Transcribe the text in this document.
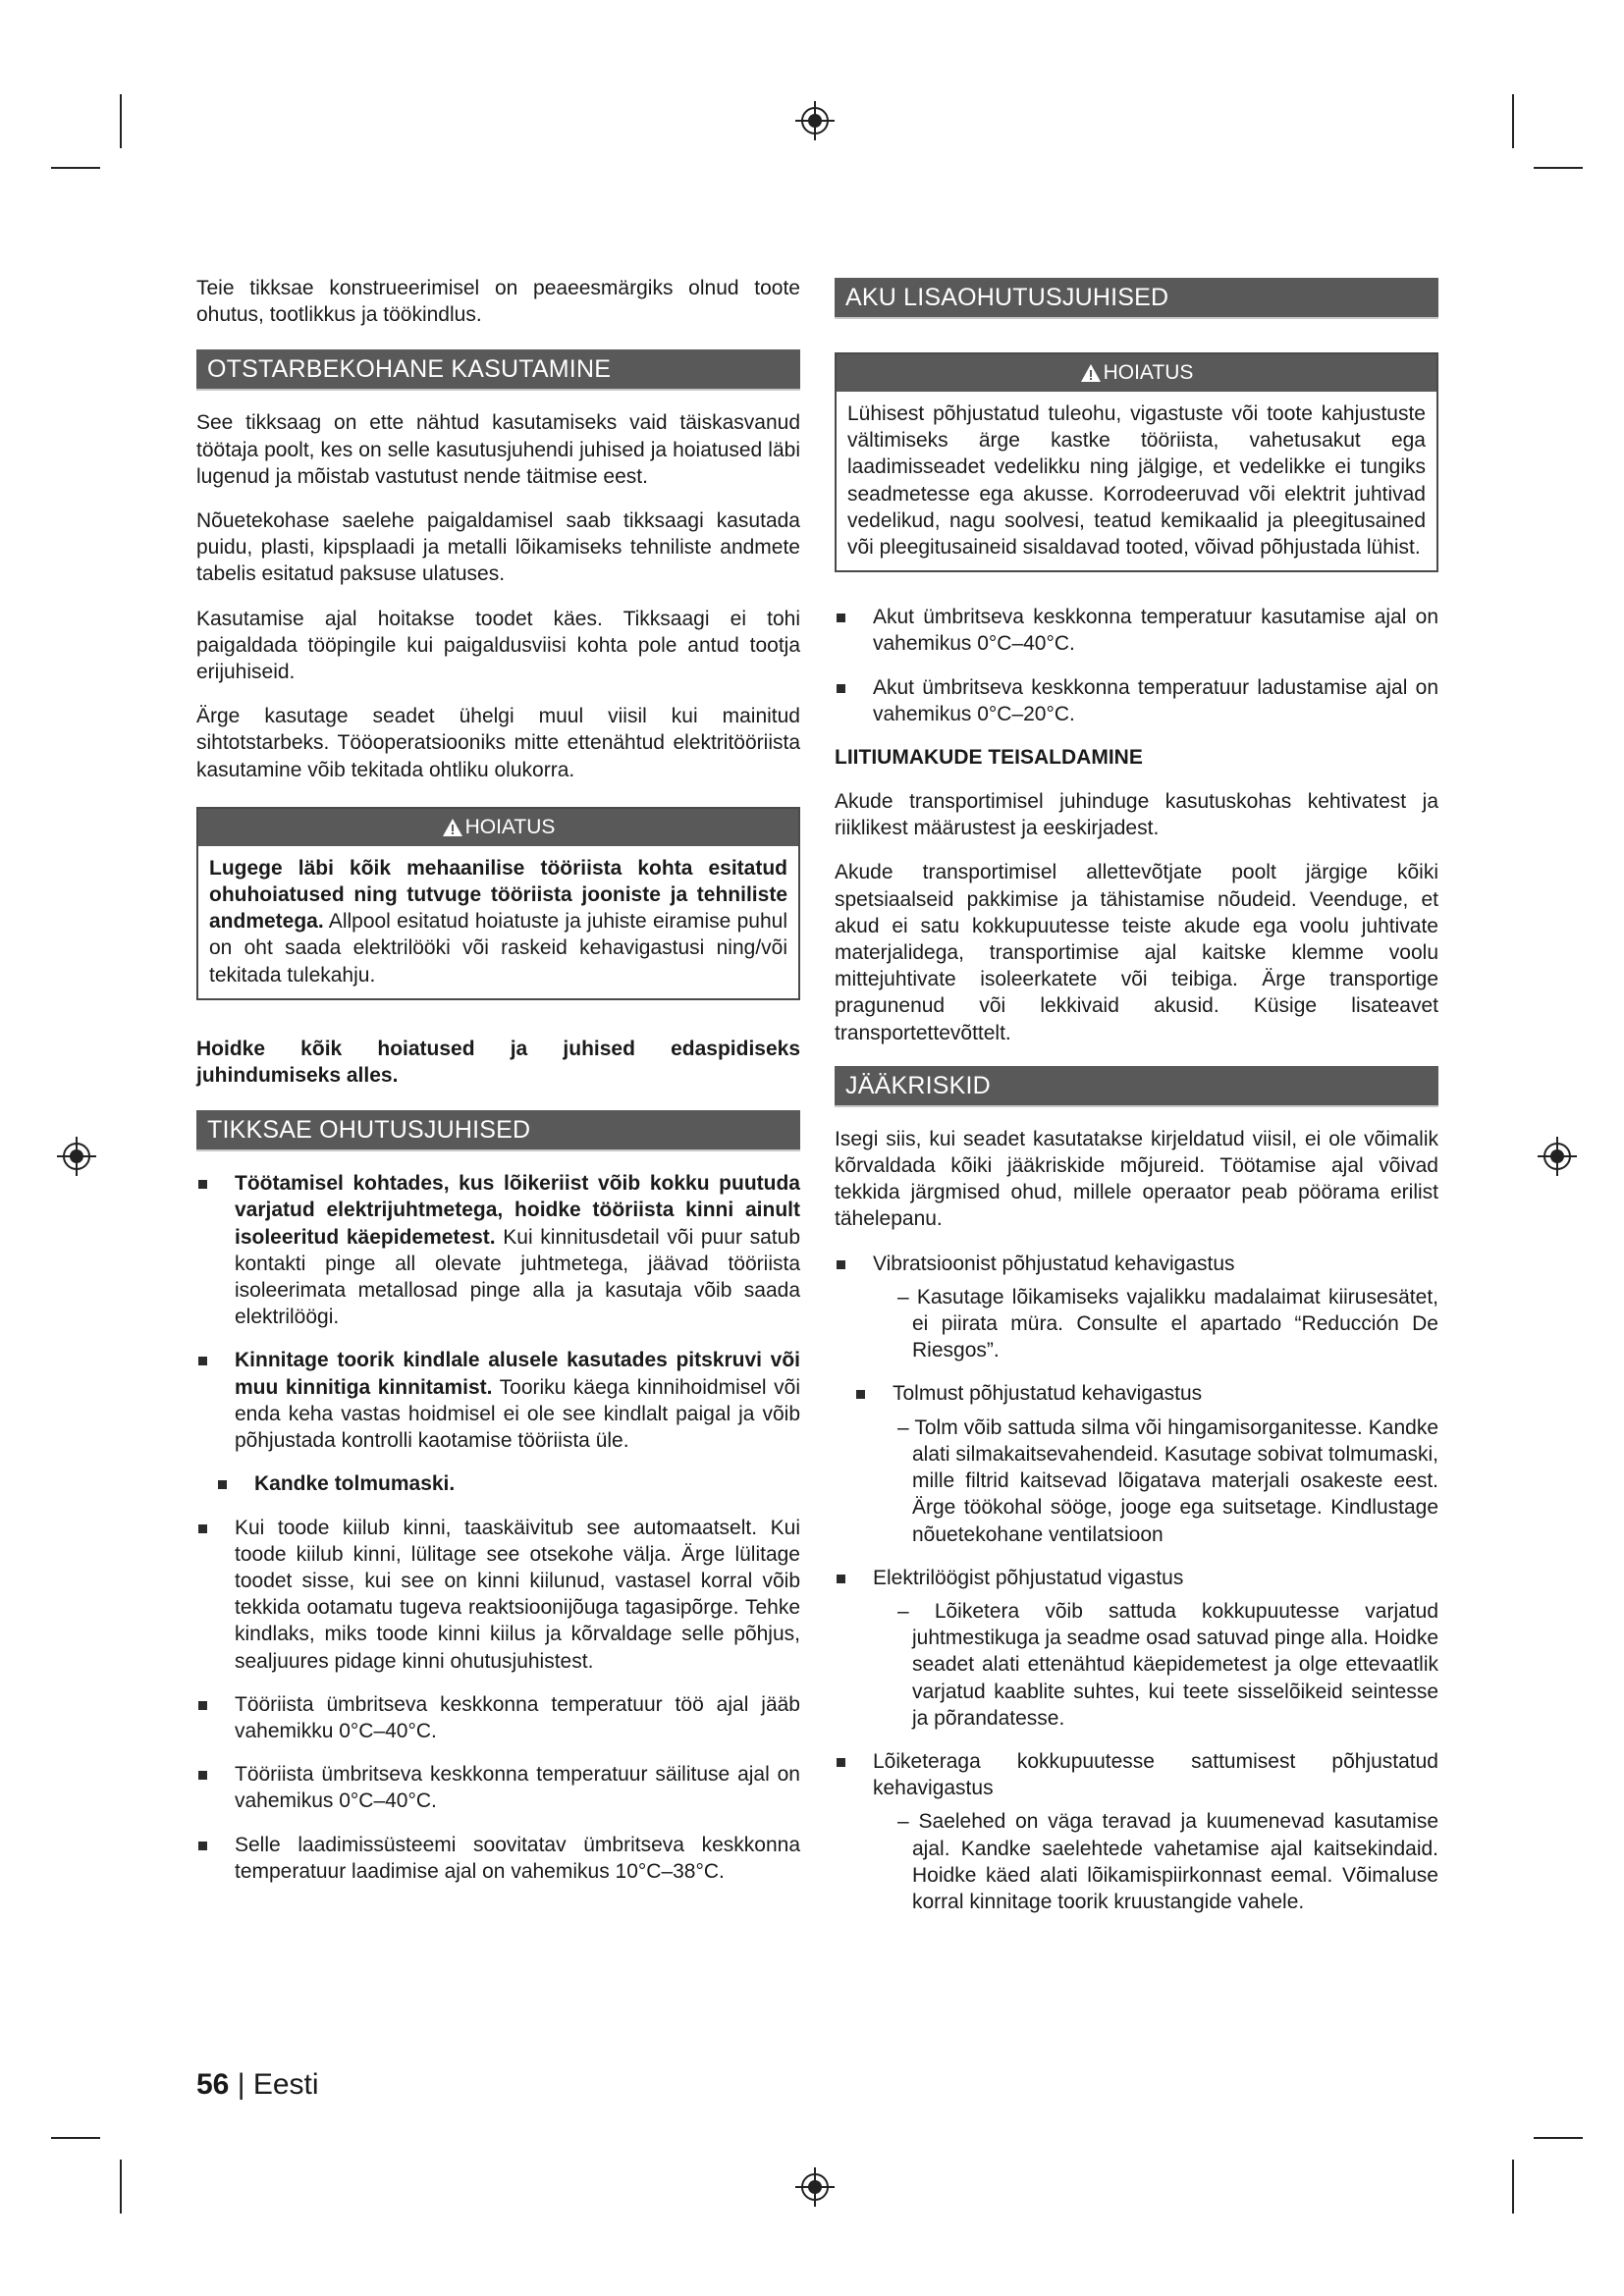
Teie tikksae konstrueerimisel on peaeesmärgiks olnud toote ohutus, tootlikkus ja töökindlus.

OTSTARBEKOHANE KASUTAMINE

See tikksaag on ette nähtud kasutamiseks vaid täiskasvanud töötaja poolt, kes on selle kasutusjuhendi juhised ja hoiatused läbi lugenud ja mõistab vastutust nende täitmise eest.

Nõuetekohase saelehe paigaldamisel saab tikksaagi kasutada puidu, plasti, kipsplaadi ja metalli lõikamiseks tehniliste andmete tabelis esitatud paksuse ulatuses.

Kasutamise ajal hoitakse toodet käes. Tikksaagi ei tohi paigaldada tööpingile kui paigaldusviisi kohta pole antud tootja erijuhiseid.

Ärge kasutage seadet ühelgi muul viisil kui mainitud sihtotstarbeks. Tööoperatsiooniks mitte ettenähtud elektritööriista kasutamine võib tekitada ohtliku olukorra.

HOIATUS
Lugege läbi kõik mehaanilise tööriista kohta esitatud ohuhoiatused ning tutvuge tööriista jooniste ja tehniliste andmetega. Allpool esitatud hoiatuste ja juhiste eiramise puhul on oht saada elektrilööki või raskeid kehavigastusi ning/või tekitada tulekahju.

Hoidke kõik hoiatused ja juhised edaspidiseks juhindumiseks alles.

TIKKSAE OHUTUSJUHISED
Töötamisel kohtades, kus lõikeriist võib kokku puutuda varjatud elektrijuhtmetega, hoidke tööriista kinni ainult isoleeritud käepidemetest. Kui kinnitusdetail või puur satub kontakti pinge all olevate juhtmetega, jäävad tööriista isoleerimata metallosad pinge alla ja kasutaja võib saada elektrilöögi.
Kinnitage toorik kindlale alusele kasutades pitskruvi või muu kinnitiga kinnitamist. Tooriku käega kinnihoidmisel või enda keha vastas hoidmisel ei ole see kindlalt paigal ja võib põhjustada kontrolli kaotamise tööriista üle.
Kandke tolmumaski.
Kui toode kiilub kinni, taaskäivitub see automaatselt. Kui toode kiilub kinni, lülitage see otsekohe välja. Ärge lülitage toodet sisse, kui see on kinni kiilunud, vastasel korral võib tekkida ootamatu tugeva reaktsioonijõuga tagasipõrge. Tehke kindlaks, miks toode kinni kiilus ja kõrvaldage selle põhjus, sealjuures pidage kinni ohutusjuhistest.
Tööriista ümbritseva keskkonna temperatuur töö ajal jääb vahemikku 0°C–40°C.
Tööriista ümbritseva keskkonna temperatuur säilituse ajal on vahemikus 0°C–40°C.
Selle laadimissüsteemi soovitatav ümbritseva keskkonna temperatuur laadimise ajal on vahemikus 10°C–38°C.
AKU LISAOHUTUSJUHISED
HOIATUS
Lühisest põhjustatud tuleohu, vigastuste või toote kahjustuste vältimiseks ärge kastke tööriista, vahetusakut ega laadimisseadet vedelikku ning jälgige, et vedelikke ei tungiks seadmetesse ega akusse. Korrodeeruvad või elektrit juhtivad vedelikud, nagu soolvesi, teatud kemikaalid ja pleegitusained või pleegitusaineid sisaldavad tooted, võivad põhjustada lühist.
Akut ümbritseva keskkonna temperatuur kasutamise ajal on vahemikus 0°C–40°C.
Akut ümbritseva keskkonna temperatuur ladustamise ajal on vahemikus 0°C–20°C.

LIITIUMAKUDE TEISALDAMINE

Akude transportimisel juhinduge kasutuskohas kehtivatest ja riiklikest määrustest ja eeskirjadest.

Akude transportimisel allettevõtjate poolt järgige kõiki spetsiaalseid pakkimise ja tähistamise nõudeid. Veenduge, et akud ei satu kokkupuutesse teiste akude ega voolu juhtivate materjalidega, transportimise ajal kaitske klemme voolu mittejuhtivate isoleerkatete või teibiga. Ärge transportige pragunenud või lekkivaid akusid. Küsige lisateavet transportettevõttelt.

JÄÄKRISKID

Isegi siis, kui seadet kasutatakse kirjeldatud viisil, ei ole võimalik kõrvaldada kõiki jääkriskide mõjureid. Töötamise ajal võivad tekkida järgmised ohud, millele operaator peab pöörama erilist tähelepanu.

Vibratsioonist põhjustatud kehavigastus
– Kasutage lõikamiseks vajalikku madalaimat kiirusesätet, ei piirata müra. Consulte el apartado “Reducción De Riesgos”.
Tolmust põhjustatud kehavigastus
– Tolm võib sattuda silma või hingamisorganitesse. Kandke alati silmakaitsevahendeid. Kasutage sobivat tolmumaski, mille filtrid kaitsevad lõigatava materjali osakeste eest. Ärge töökohal sööge, jooge ega suitsetage. Kindlustage nõuetekohane ventilatsioon
Elektrilöögist põhjustatud vigastus
– Lõiketera võib sattuda kokkupuutesse varjatud juhtmestikuga ja seadme osad satuvad pinge alla. Hoidke seadet alati ettenähtud käepidemetest ja olge ettevaatlik varjatud kaablite suhtes, kui teete sisselõikeid seintesse ja põrandatesse.
Lõiketeraga kokkupuutesse sattumisest põhjustatud kehavigastus
– Saelehed on väga teravad ja kuumenevad kasutamise ajal. Kandke saelehtede vahetamise ajal kaitsekindaid. Hoidke käed alati lõikamispiirkonnast eemal. Võimaluse korral kinnitage toorik kruustangide vahele.
56 | Eesti
